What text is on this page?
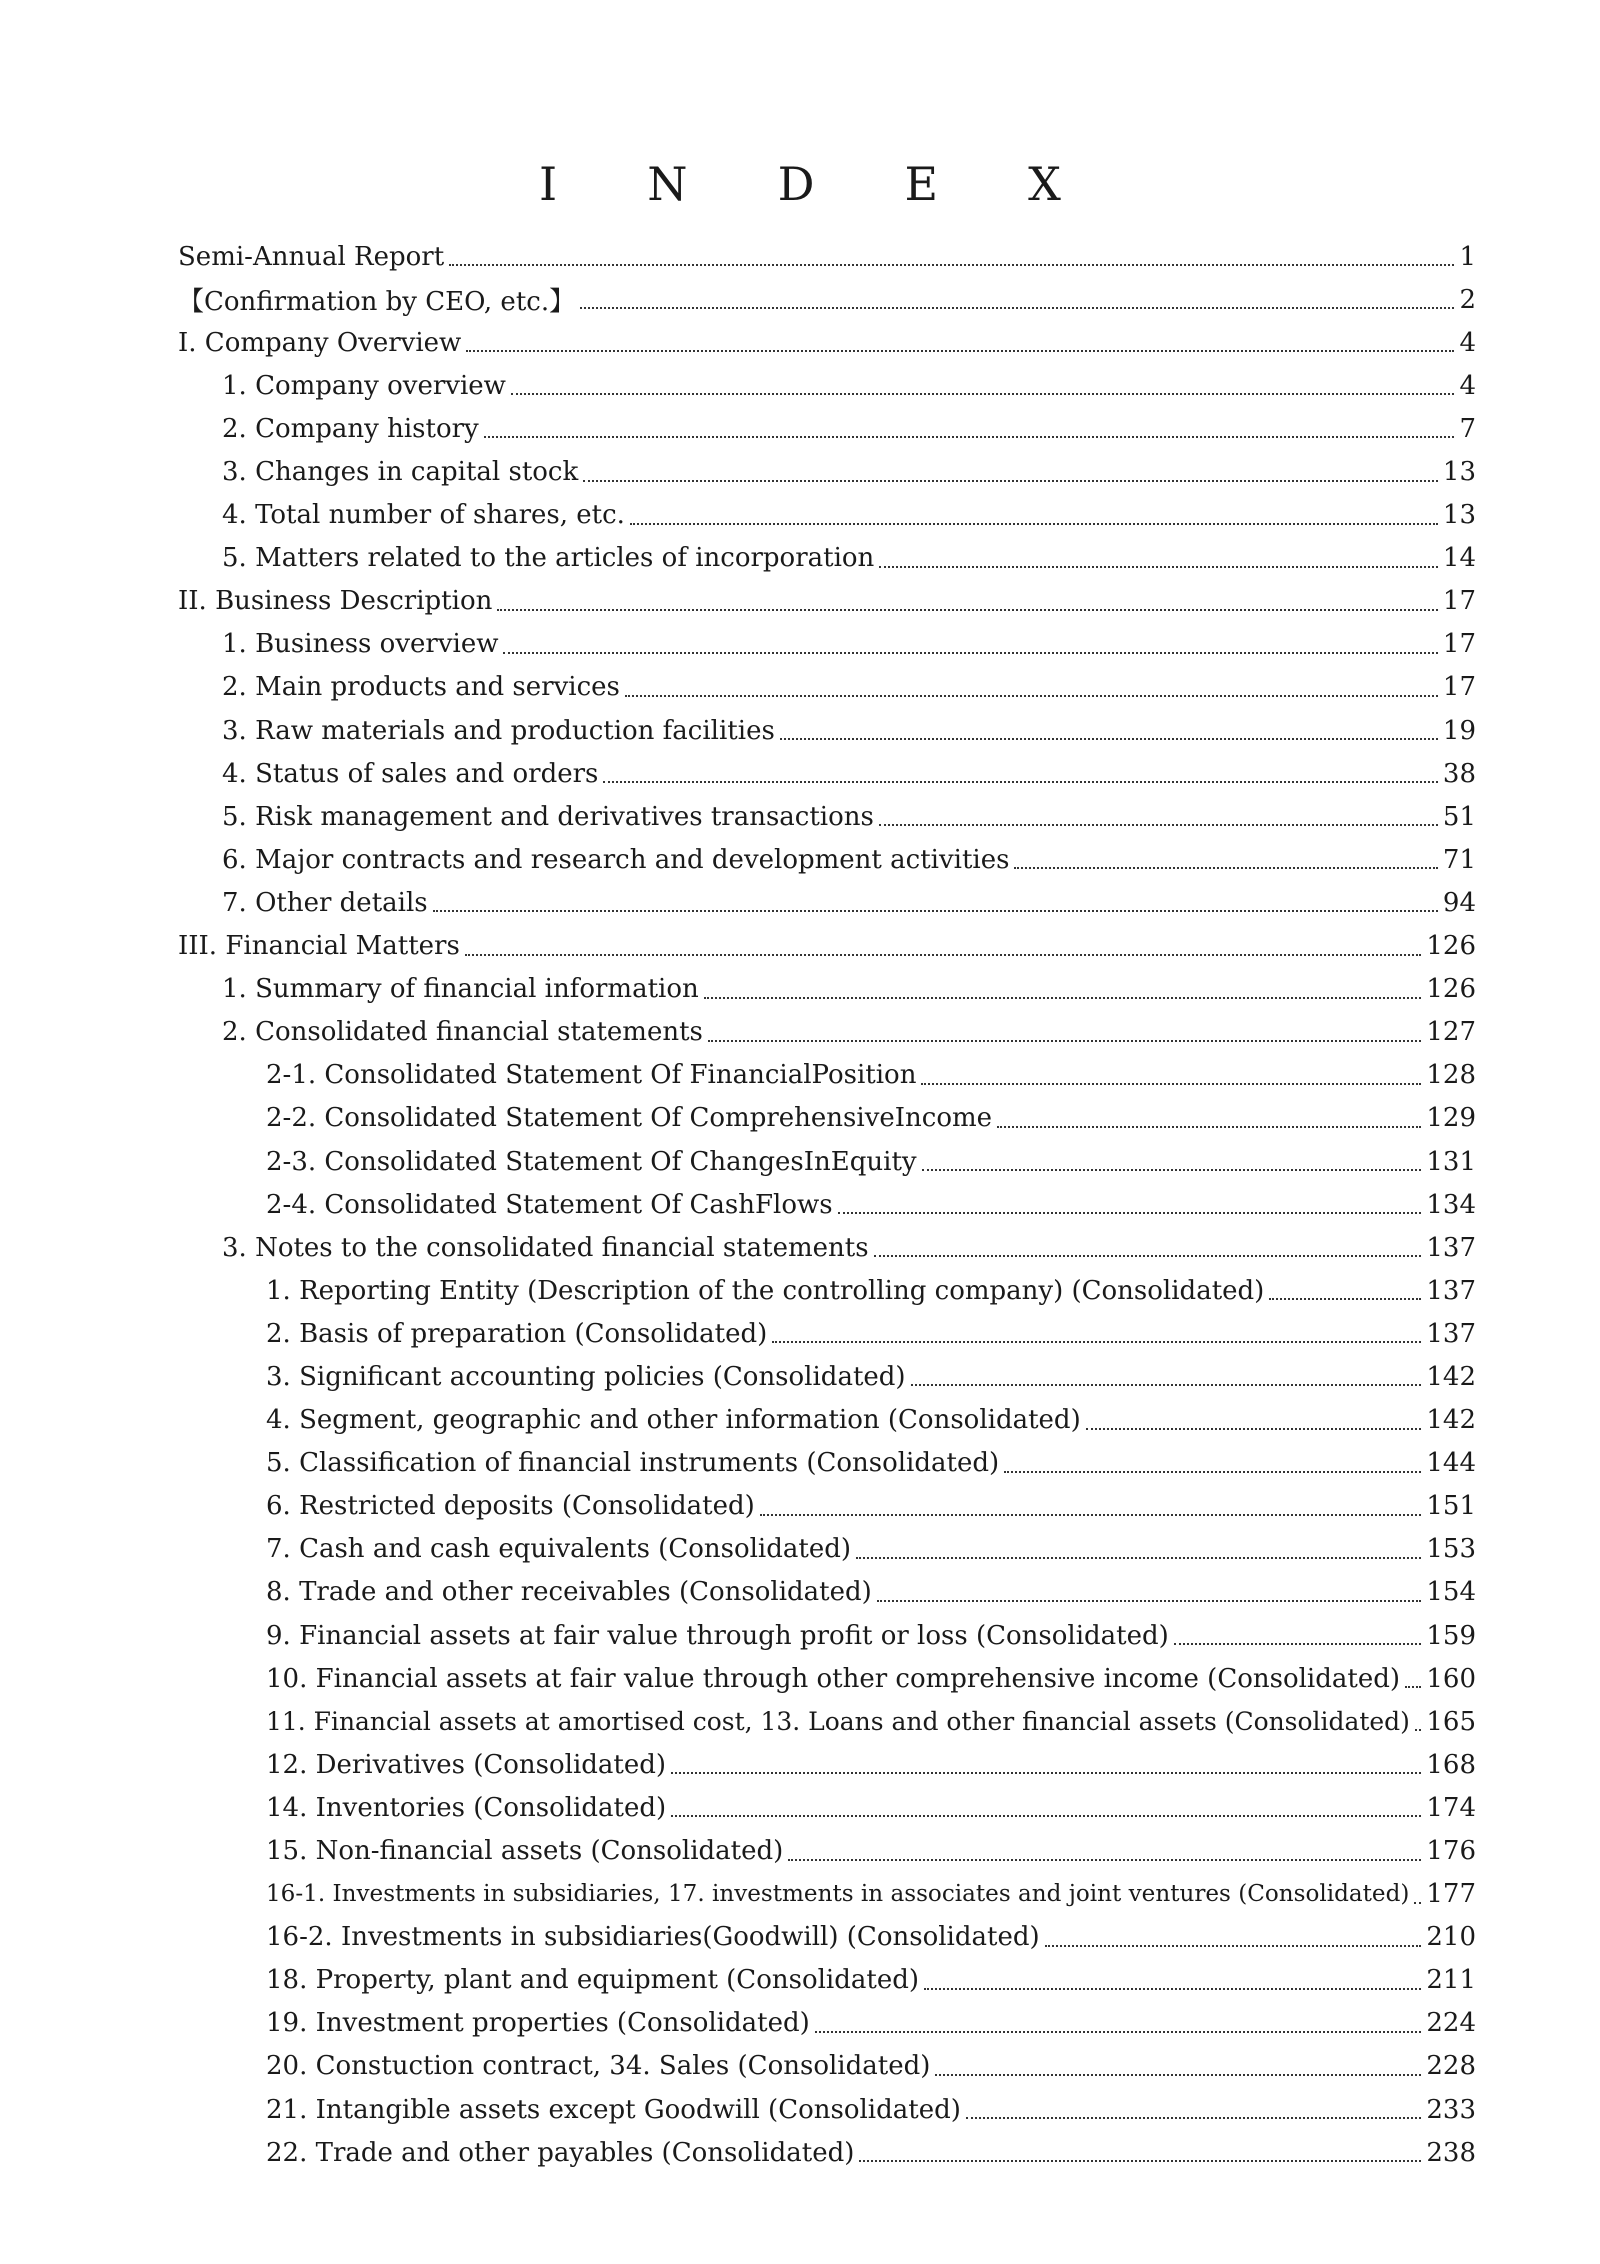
I N D E X
Semi-Annual Report	1
【Confirmation by CEO, etc.】	2
I. Company Overview	4
1. Company overview	4
2. Company history	7
3. Changes in capital stock	13
4. Total number of shares, etc.	13
5. Matters related to the articles of incorporation	14
II. Business Description	17
1. Business overview	17
2. Main products and services	17
3. Raw materials and production facilities	19
4. Status of sales and orders	38
5. Risk management and derivatives transactions	51
6. Major contracts and research and development activities	71
7. Other details	94
III. Financial Matters	126
1. Summary of financial information	126
2. Consolidated financial statements	127
2-1. Consolidated Statement Of FinancialPosition	128
2-2. Consolidated Statement Of ComprehensiveIncome	129
2-3. Consolidated Statement Of ChangesInEquity	131
2-4. Consolidated Statement Of CashFlows	134
3. Notes to the consolidated financial statements	137
1. Reporting Entity (Description of the controlling company) (Consolidated)	137
2. Basis of preparation (Consolidated)	137
3. Significant accounting policies (Consolidated)	142
4. Segment, geographic and other information (Consolidated)	142
5. Classification of financial instruments (Consolidated)	144
6. Restricted deposits (Consolidated)	151
7. Cash and cash equivalents (Consolidated)	153
8. Trade and other receivables (Consolidated)	154
9. Financial assets at fair value through profit or loss (Consolidated)	159
10. Financial assets at fair value through other comprehensive income (Consolidated) 160
11. Financial assets at amortised cost, 13. Loans and other financial assets (Consolidated) 165
12. Derivatives (Consolidated)	168
14. Inventories (Consolidated)	174
15. Non-financial assets (Consolidated)	176
16-1. Investments in subsidiaries, 17. investments in associates and joint ventures (Consolidated) 177
16-2. Investments in subsidiaries(Goodwill) (Consolidated)	210
18. Property, plant and equipment (Consolidated)	211
19. Investment properties (Consolidated)	224
20. Constuction contract, 34. Sales (Consolidated)	228
21. Intangible assets except Goodwill (Consolidated)	233
22. Trade and other payables (Consolidated)	238
